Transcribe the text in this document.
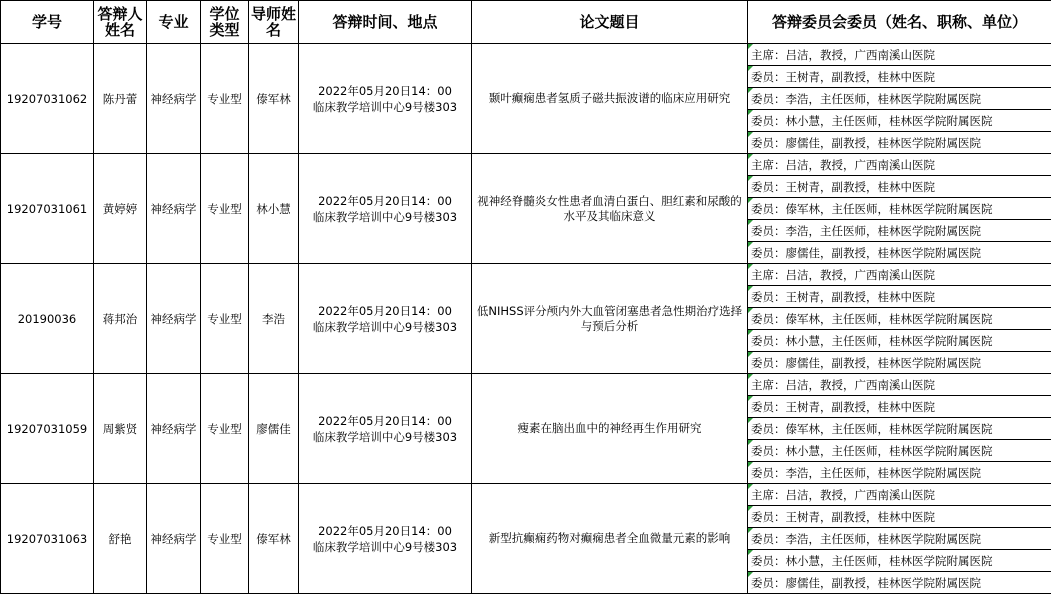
学号	答辩人姓名	专业	学位类型	导师姓名	答辩时间、地点	论文题目	答辩委员会委员（姓名、职称、单位）
19207031062	陈丹蕾	神经病学	专业型	傣军林	2022年05月20日14：00
临床教学培训中心9号楼303	颞叶癫痫患者氢质子磁共振波谱的临床应用研究	主席：吕洁，教授，广西南溪山医院
							委员：王树青，副教授，桂林中医院
							委员：李浩，主任医师，桂林医学院附属医院
							委员：林小慧，主任医师，桂林医学院附属医院
							委员：廖儒佳，副教授，桂林医学院附属医院
19207031061	黄婷婷	神经病学	专业型	林小慧	2022年05月20日14：00
临床教学培训中心9号楼303	视神经脊髓炎女性患者血清白蛋白、胆红素和尿酸的水平及其临床意义	主席：吕洁，教授，广西南溪山医院
							委员：王树青，副教授，桂林中医院
							委员：傣军林，主任医师，桂林医学院附属医院
							委员：李浩，主任医师，桂林医学院附属医院
							委员：廖儒佳，副教授，桂林医学院附属医院
20190036	蒋邦治	神经病学	专业型	李浩	2022年05月20日14：00
临床教学培训中心9号楼303	低NIHSS评分颅内外大血管闭塞患者急性期治疗选择与预后分析	主席：吕洁，教授，广西南溪山医院
							委员：王树青，副教授，桂林中医院
							委员：傣军林，主任医师，桂林医学院附属医院
							委员：林小慧，主任医师，桂林医学院附属医院
							委员：廖儒佳，副教授，桂林医学院附属医院
19207031059	周紫贤	神经病学	专业型	廖儒佳	2022年05月20日14：00
临床教学培训中心9号楼303	瘦素在脑出血中的神经再生作用研究	主席：吕洁，教授，广西南溪山医院
							委员：王树青，副教授，桂林中医院
							委员：傣军林，主任医师，桂林医学院附属医院
							委员：林小慧，主任医师，桂林医学院附属医院
							委员：李浩，主任医师，桂林医学院附属医院
19207031063	舒艳	神经病学	专业型	傣军林	2022年05月20日14：00
临床教学培训中心9号楼303	新型抗癫痫药物对癫痫患者全血微量元素的影响	主席：吕洁，教授，广西南溪山医院
							委员：王树青，副教授，桂林中医院
							委员：李浩，主任医师，桂林医学院附属医院
							委员：林小慧，主任医师，桂林医学院附属医院
							委员：廖儒佳，副教授，桂林医学院附属医院
